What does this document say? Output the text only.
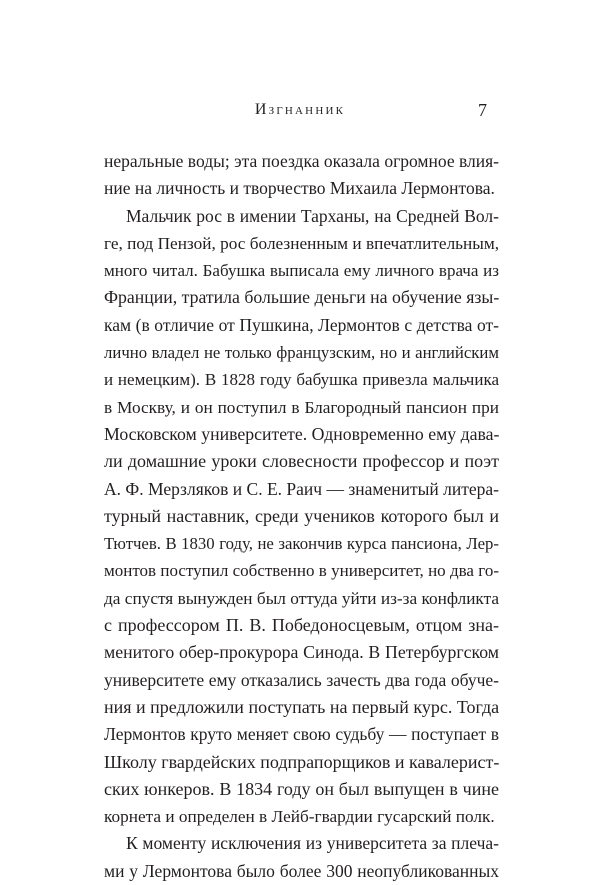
Изгнанник	7
неральные воды; эта поездка оказала огромное влия-
ние на личность и творчество Михаила Лермонтова.
Мальчик рос в имении Тарханы, на Средней Вол-
ге, под Пензой, рос болезненным и впечатлительным,
много читал. Бабушка выписала ему личного врача из
Франции, тратила большие деньги на обучение язы-
кам (в отличие от Пушкина, Лермонтов с детства от-
лично владел не только французским, но и английским
и немецким). В 1828 году бабушка привезла мальчика
в Москву, и он поступил в Благородный пансион при
Московском университете. Одновременно ему дава-
ли домашние уроки словесности профессор и поэт
А. Ф. Мерзляков и С. Е. Раич — знаменитый литера-
турный наставник, среди учеников которого был и
Тютчев. В 1830 году, не закончив курса пансиона, Лер-
монтов поступил собственно в университет, но два го-
да спустя вынужден был оттуда уйти из-за конфликта
с профессором П. В. Победоносцевым, отцом зна-
менитого обер-прокурора Синода. В Петербургском
университете ему отказались зачесть два года обуче-
ния и предложили поступать на первый курс. Тогда
Лермонтов круто меняет свою судьбу — поступает в
Школу гвардейских подпрапорщиков и кавалерист-
ских юнкеров. В 1834 году он был выпущен в чине
корнета и определен в Лейб-гвардии гусарский полк.
К моменту исключения из университета за плеча-
ми у Лермонтова было более 300 неопубликованных
